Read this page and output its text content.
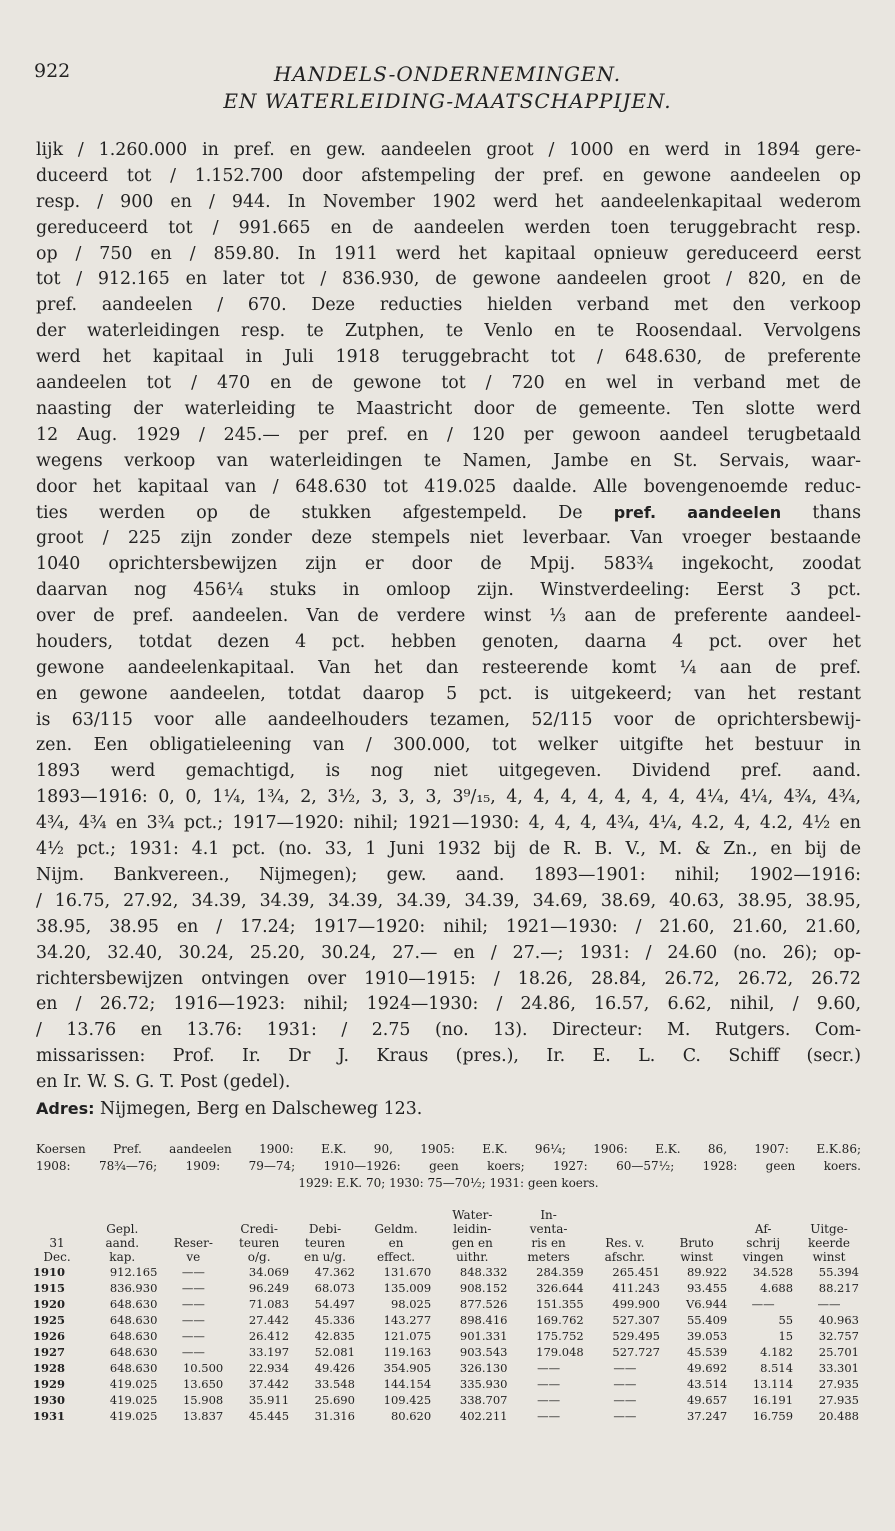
922	HANDELS-ONDERNEMINGEN.
EN WATERLEIDING-MAATSCHAPPIJEN.
lijk / 1.260.000 in pref. en gew. aandeelen groot / 1000 en werd in 1894 gere-
duceerd tot / 1.152.700 door afstempeling der pref. en gewone aandeelen op
resp. / 900 en / 944. In November 1902 werd het aandeelenkapitaal wederom
gereduceerd tot / 991.665 en de aandeelen werden toen teruggebracht resp.
op / 750 en / 859.80. In 1911 werd het kapitaal opnieuw gereduceerd eerst
tot / 912.165 en later tot / 836.930, de gewone aandeelen groot / 820, en de
pref. aandeelen / 670. Deze reducties hielden verband met den verkoop
der waterleidingen resp. te Zutphen, te Venlo en te Roosendaal. Vervolgens
werd het kapitaal in Juli 1918 teruggebracht tot / 648.630, de preferente
aandeelen tot / 470 en de gewone tot / 720 en wel in verband met de
naasting der waterleiding te Maastricht door de gemeente. Ten slotte werd
12 Aug. 1929 / 245.— per pref. en / 120 per gewoon aandeel terugbetaald
wegens verkoop van waterleidingen te Namen, Jambe en St. Servais, waar-
door het kapitaal van / 648.630 tot 419.025 daalde. Alle bovengenoemde reduc-
ties werden op de stukken afgestempeld. De pref. aandeelen thans
groot / 225 zijn zonder deze stempels niet leverbaar. Van vroeger bestaande
1040 oprichtersbewijzen zijn er door de Mpij. 583¾ ingekocht, zoodat
daarvan nog 456¼ stuks in omloop zijn. Winstverdeeling: Eerst 3 pct.
over de pref. aandeelen. Van de verdere winst ⅓ aan de preferente aandeel-
houders, totdat dezen 4 pct. hebben genoten, daarna 4 pct. over het
gewone aandeelenkapitaal. Van het dan resteerende komt ¼ aan de pref.
en gewone aandeelen, totdat daarop 5 pct. is uitgekeerd; van het restant
is 63/115 voor alle aandeelhouders tezamen, 52/115 voor de oprichtersbewij-
zen. Een obligatieleening van / 300.000, tot welker uitgifte het bestuur in
1893 werd gemachtigd, is nog niet uitgegeven. Dividend pref. aand.
1893—1916: 0, 0, 1¼, 1¾, 2, 3½, 3, 3, 3, 3⁹/₁₅, 4, 4, 4, 4, 4, 4, 4, 4¼, 4¼, 4¾, 4¾,
4¾, 4¾ en 3¾ pct.; 1917—1920: nihil; 1921—1930: 4, 4, 4, 4¾, 4¼, 4.2, 4, 4.2, 4½ en
4½ pct.; 1931: 4.1 pct. (no. 33, 1 Juni 1932 bij de R. B. V., M. & Zn., en bij de
Nijm. Bankvereen., Nijmegen); gew. aand. 1893—1901: nihil; 1902—1916:
/ 16.75, 27.92, 34.39, 34.39, 34.39, 34.39, 34.39, 34.69, 38.69, 40.63, 38.95, 38.95,
38.95, 38.95 en / 17.24; 1917—1920: nihil; 1921—1930: / 21.60, 21.60, 21.60,
34.20, 32.40, 30.24, 25.20, 30.24, 27.— en / 27.—; 1931: / 24.60 (no. 26); op-
richtersbewijzen ontvingen over 1910—1915: / 18.26, 28.84, 26.72, 26.72, 26.72
en / 26.72; 1916—1923: nihil; 1924—1930: / 24.86, 16.57, 6.62, nihil, / 9.60,
/ 13.76 en 13.76: 1931: / 2.75 (no. 13). Directeur: M. Rutgers. Com-
missarissen: Prof. Ir. Dr J. Kraus (pres.), Ir. E. L. C. Schiff (secr.)
en Ir. W. S. G. T. Post (gedel).
Adres: Nijmegen, Berg en Dalscheweg 123.
Koersen Pref. aandeelen 1900: E.K. 90, 1905: E.K. 96¼; 1906: E.K. 86, 1907: E.K.86;
1908: 78¾—76; 1909: 79—74; 1910—1926: geen koers; 1927: 60—57½; 1928: geen koers.
1929: E.K. 70; 1930: 75—70½; 1931: geen koers.
						Water-	In-				
	Gepl.		Credi-	Debi-	Geldm.	leidin-	venta-			Af-	Uitge-
31	aand.	Reser-	teuren	teuren	en	gen en	ris en	Res. v.	Bruto	schrij	keerde
Dec.	kap.	ve	o/g.	en u/g.	effect.	uithr.	meters	afschr.	winst	vingen	winst
1910	912.165	——	34.069	47.362	131.670	848.332	284.359	265.451	89.922	34.528	55.394
1915	836.930	——	96.249	68.073	135.009	908.152	326.644	411.243	93.455	4.688	88.217
1920	648.630	——	71.083	54.497	98.025	877.526	151.355	499.900	V6.944	——	——
1925	648.630	——	27.442	45.336	143.277	898.416	169.762	527.307	55.409	55	40.963
1926	648.630	——	26.412	42.835	121.075	901.331	175.752	529.495	39.053	15	32.757
1927	648.630	——	33.197	52.081	119.163	903.543	179.048	527.727	45.539	4.182	25.701
1928	648.630	10.500	22.934	49.426	354.905	326.130	——	——	49.692	8.514	33.301
1929	419.025	13.650	37.442	33.548	144.154	335.930	——	——	43.514	13.114	27.935
1930	419.025	15.908	35.911	25.690	109.425	338.707	——	——	49.657	16.191	27.935
1931	419.025	13.837	45.445	31.316	80.620	402.211	——	——	37.247	16.759	20.488
